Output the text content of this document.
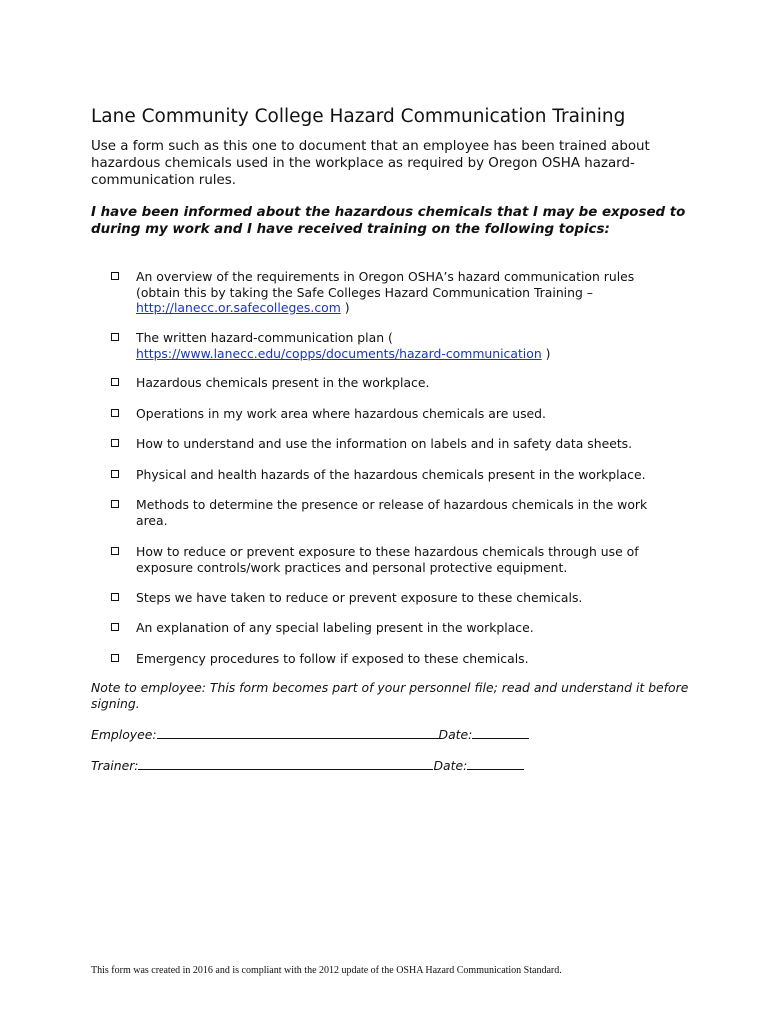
Lane Community College Hazard Communication Training
Use a form such as this one to document that an employee has been trained about hazardous chemicals used in the workplace as required by Oregon OSHA hazard-communication rules.
I have been informed about the hazardous chemicals that I may be exposed to during my work and I have received training on the following topics:
An overview of the requirements in Oregon OSHA’s hazard communication rules (obtain this by taking the Safe Colleges Hazard Communication Training – http://lanecc.or.safecolleges.com )
The written hazard-communication plan (
https://www.lanecc.edu/copps/documents/hazard-communication )
Hazardous chemicals present in the workplace.
Operations in my work area where hazardous chemicals are used.
How to understand and use the information on labels and in safety data sheets.
Physical and health hazards of the hazardous chemicals present in the workplace.
Methods to determine the presence or release of hazardous chemicals in the work area.
How to reduce or prevent exposure to these hazardous chemicals through use of exposure controls/work practices and personal protective equipment.
Steps we have taken to reduce or prevent exposure to these chemicals.
An explanation of any special labeling present in the workplace.
Emergency procedures to follow if exposed to these chemicals.
Note to employee: This form becomes part of your personnel file; read and understand it before signing.
Employee:	Date:
Trainer:	Date:
This form was created in 2016 and is compliant with the 2012 update of the OSHA Hazard Communication Standard.
